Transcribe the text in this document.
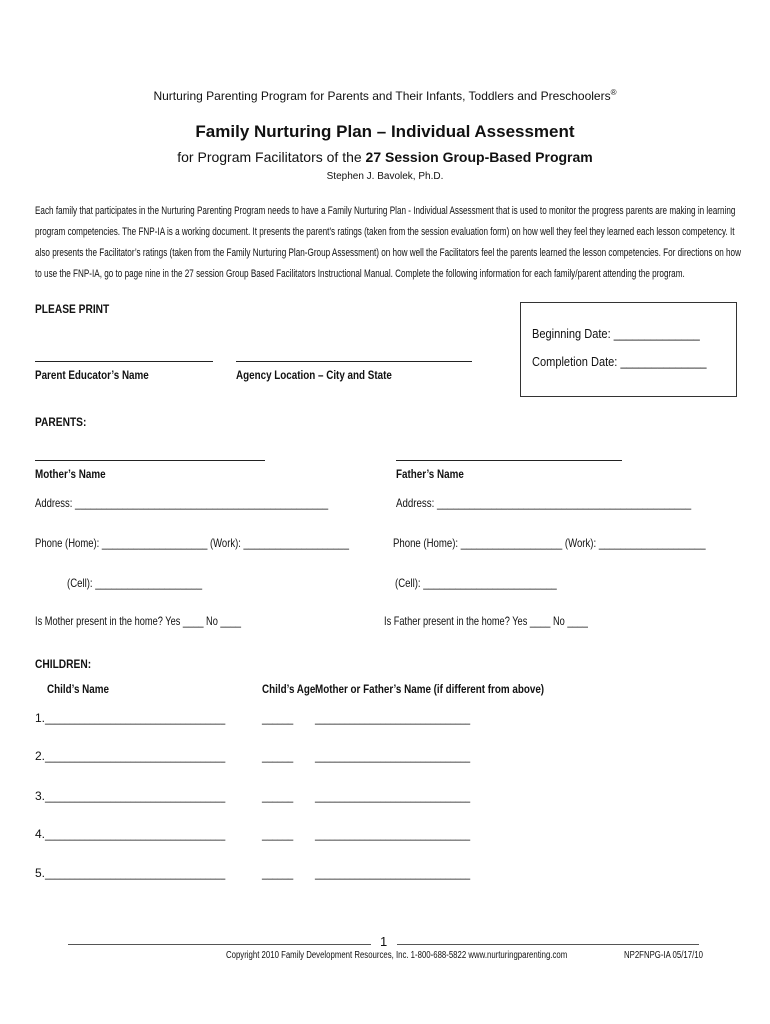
Nurturing Parenting Program for Parents and Their Infants, Toddlers and Preschoolers®
Family Nurturing Plan – Individual Assessment
for Program Facilitators of the 27 Session Group-Based Program
Stephen J. Bavolek, Ph.D.

Each family that participates in the Nurturing Parenting Program needs to have a Family Nurturing Plan - Individual Assessment that is used to monitor the progress parents are making in learning

program competencies. The FNP-IA is a working document. It presents the parent’s ratings (taken from the session evaluation form) on how well they feel they learned each lesson competency. It

also presents the Facilitator’s ratings (taken from the Family Nurturing Plan-Group Assessment) on how well the Facilitators feel the parents learned the lesson competencies. For directions on how

to use the FNP-IA, go to page nine in the 27 session Group Based Facilitators Instructional Manual. Complete the following information for each family/parent attending the program.

PLEASE PRINT
Parent Educator’s Name	Agency Location – City and State
Beginning Date: ______________
Completion Date: ______________
PARENTS:
Mother’s Name	Father’s Name
Address: ________________________________________________	Address: _______________________________________________
Phone (Home): ____________________ (Work): ____________________	Phone (Home): ___________________ (Work): ____________________
(Cell): ____________________	(Cell): _________________________
Is Mother present in the home? Yes ____ No ____	Is Father present in the home? Yes ____ No ____
CHILDREN:
Child’s Name	Child’s Age Mother or Father’s Name (if different from above)
1. ____________________________________	______ _______________________________
2. ____________________________________	______ _______________________________
3. ____________________________________	______ _______________________________
4. ____________________________________	______ _______________________________
5. ____________________________________	______ _______________________________
1
Copyright 2010 Family Development Resources, Inc. 1-800-688-5822 www.nurturingparenting.com	NP2FNPG-IA 05/17/10
